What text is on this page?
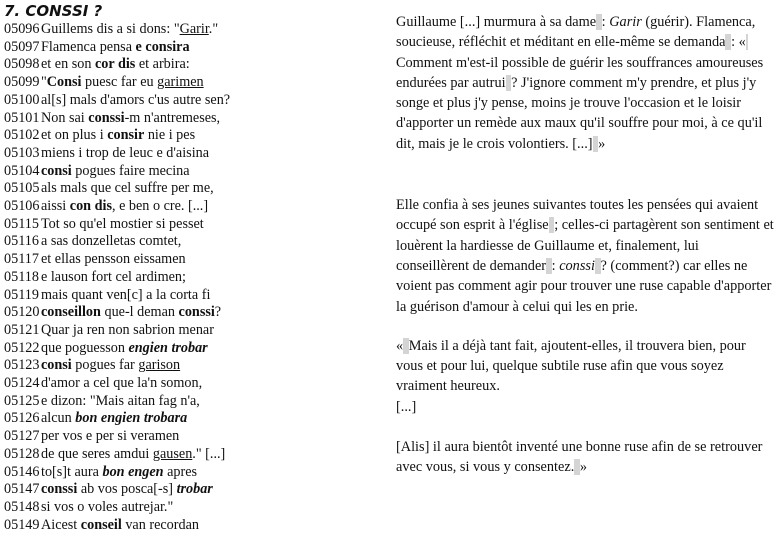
7. CONSSI ?
05096 Guillems dis a si dons: "Garir."
05097 Flamenca pensa e consira
05098 et en son cor dis et arbira:
05099 "Consi puesc far eu garimen
05100 al[s] mals d'amors c'us autre sen?
05101 Non sai conssi-m n'antremeses,
05102 et on plus i consir nie i pes
05103 miens i trop de leuc e d'aisina
05104 consi pogues faire mecina
05105 als mals que cel suffre per me,
05106 aissi con dis, e ben o cre. [...]
05115 Tot so qu'el mostier si pesset
05116 a sas donzelletas comtet,
05117 et ellas pensson eissamen
05118 e lauson fort cel ardimen;
05119 mais quant ven[c] a la corta fi
05120 conseillon que-l deman conssi?
05121 Quar ja ren non sabrion menar
05122 que poguesson engien trobar
05123 consi pogues far garison
05124 d'amor a cel que la'n somon,
05125 e dizon: "Mais aitan fag n'a,
05126 alcun bon engien trobara
05127 per vos e per si veramen
05128 de que seres amdui gausen." [...]
05146 to[s]t aura bon engen apres
05147 conssi ab vos posca[-s] trobar
05148 si vos o voles autrejar."
05149 Aicest conseil van recordan

Guillaume [...] murmura à sa dame : Garir (guérir). Flamenca, soucieuse, réfléchit et méditant en elle-même se demanda : « Comment m'est-il possible de guérir les souffrances amoureuses endurées par autrui ? J'ignore comment m'y prendre, et plus j'y songe et plus j'y pense, moins je trouve l'occasion et le loisir d'apporter un remède aux maux qu'il souffre pour moi, à ce qu'il dit, mais je le crois volontiers. [...] »

Elle confia à ses jeunes suivantes toutes les pensées qui avaient occupé son esprit à l'église ; celles-ci partagèrent son sentiment et louèrent la hardiesse de Guillaume et, finalement, lui conseillèrent de demander : conssi ? (comment?) car elles ne voient pas comment agir pour trouver une ruse capable d'apporter la guérison d'amour à celui qui les en prie.

« Mais il a déjà tant fait, ajoutent-elles, il trouvera bien, pour vous et pour lui, quelque subtile ruse afin que vous soyez vraiment heureux.

[...]

[Alis] il aura bientôt inventé une bonne ruse afin de se retrouver avec vous, si vous y consentez. »
